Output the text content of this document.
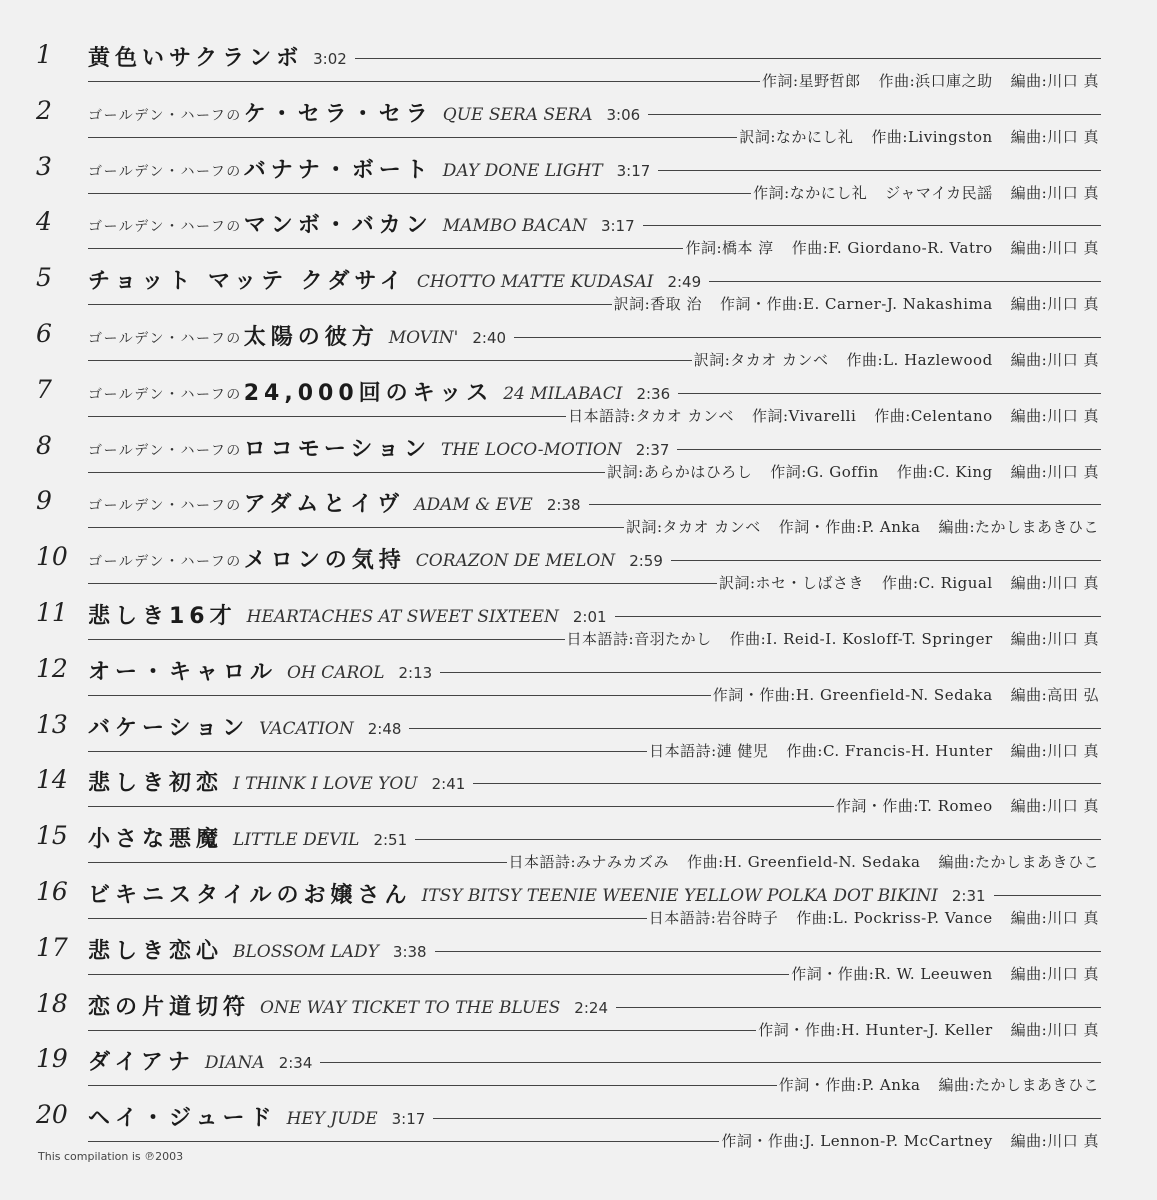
1	黄色いサクランボ 3:02
作詞:星野哲郎 作曲:浜口庫之助 編曲:川口 真
2	ゴールデン・ハーフの ケ・セラ・セラ QUE SERA SERA 3:06
訳詞:なかにし礼 作曲:Livingston 編曲:川口 真
3	ゴールデン・ハーフの バナナ・ボート DAY DONE LIGHT 3:17
作詞:なかにし礼 ジャマイカ民謡 編曲:川口 真
4	ゴールデン・ハーフの マンボ・バカン MAMBO BACAN 3:17
作詞:橋本 淳 作曲:F. Giordano-R. Vatro 編曲:川口 真
5	チョット マッテ クダサイ CHOTTO MATTE KUDASAI 2:49
訳詞:香取 治 作詞・作曲:E. Carner-J. Nakashima 編曲:川口 真
6	ゴールデン・ハーフの 太陽の彼方 MOVIN' 2:40
訳詞:タカオ カンベ 作曲:L. Hazlewood 編曲:川口 真
7	ゴールデン・ハーフの 24,000回のキッス 24 MILABACI 2:36
日本語詩:タカオ カンベ 作詞:Vivarelli 作曲:Celentano 編曲:川口 真
8	ゴールデン・ハーフの ロコモーション THE LOCO-MOTION 2:37
訳詞:あらかはひろし 作詞:G. Goffin 作曲:C. King 編曲:川口 真
9	ゴールデン・ハーフの アダムとイヴ ADAM & EVE 2:38
訳詞:タカオ カンベ 作詞・作曲:P. Anka 編曲:たかしまあきひこ
10	ゴールデン・ハーフの メロンの気持 CORAZON DE MELON 2:59
訳詞:ホセ・しばさき 作曲:C. Rigual 編曲:川口 真
11 悲しき16才 HEARTACHES AT SWEET SIXTEEN 2:01
日本語詩:音羽たかし 作曲:I. Reid-I. Kosloff-T. Springer 編曲:川口 真
12 オー・キャロル OH CAROL 2:13
作詞・作曲:H. Greenfield-N. Sedaka 編曲:高田 弘
13 バケーション VACATION 2:48
日本語詩:漣 健児 作曲:C. Francis-H. Hunter 編曲:川口 真
14 悲しき初恋 I THINK I LOVE YOU 2:41
作詞・作曲:T. Romeo 編曲:川口 真
15 小さな悪魔 LITTLE DEVIL 2:51
日本語詩:みナみカズみ 作曲:H. Greenfield-N. Sedaka 編曲:たかしまあきひこ
16 ビキニスタイルのお嬢さん ITSY BITSY TEENIE WEENIE YELLOW POLKA DOT BIKINI 2:31
日本語詩:岩谷時子 作曲:L. Pockriss-P. Vance 編曲:川口 真
17 悲しき恋心 BLOSSOM LADY 3:38
作詞・作曲:R. W. Leeuwen 編曲:川口 真
18 恋の片道切符 ONE WAY TICKET TO THE BLUES 2:24
作詞・作曲:H. Hunter-J. Keller 編曲:川口 真
19 ダイアナ DIANA 2:34
作詞・作曲:P. Anka 編曲:たかしまあきひこ
20 ヘイ・ジュード HEY JUDE 3:17
作詞・作曲:J. Lennon-P. McCartney 編曲:川口 真
This compilation is ℗2003
